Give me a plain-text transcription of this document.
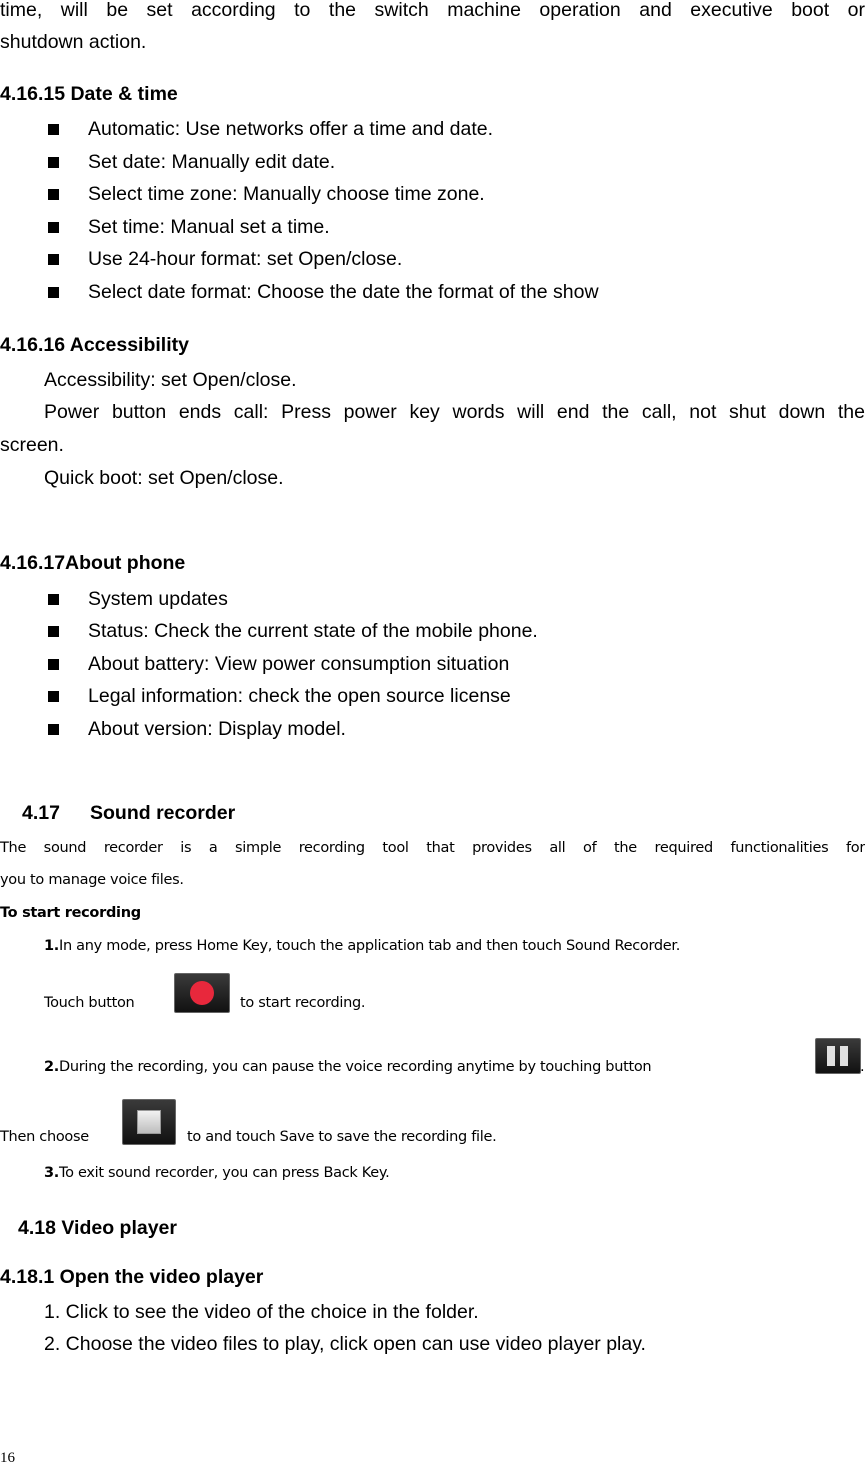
time, will be set according to the switch machine operation and executive boot or
shutdown action.
4.16.15 Date & time
Automatic: Use networks offer a time and date.
Set date: Manually edit date.
Select time zone: Manually choose time zone.
Set time: Manual set a time.
Use 24-hour format: set Open/close.
Select date format: Choose the date the format of the show
4.16.16 Accessibility
Accessibility: set Open/close.
Power button ends call: Press power key words will end the call, not shut down the
screen.
Quick boot: set Open/close.
4.16.17About phone
System updates
Status: Check the current state of the mobile phone.
About battery: View power consumption situation
Legal information: check the open source license
About version: Display model.
4.17 Sound recorder
The sound recorder is a simple recording tool that provides all of the required functionalities for
you to manage voice files.
To start recording
1.In any mode, press Home Key, touch the application tab and then touch Sound Recorder.
Touch button	to start recording.
2.During the recording, you can pause the voice recording anytime by touching button	.
Then choose	to and touch Save to save the recording file.
3.To exit sound recorder, you can press Back Key.
4.18 Video player
4.18.1 Open the video player
1. Click to see the video of the choice in the folder.
2. Choose the video files to play, click open can use video player play.
16
